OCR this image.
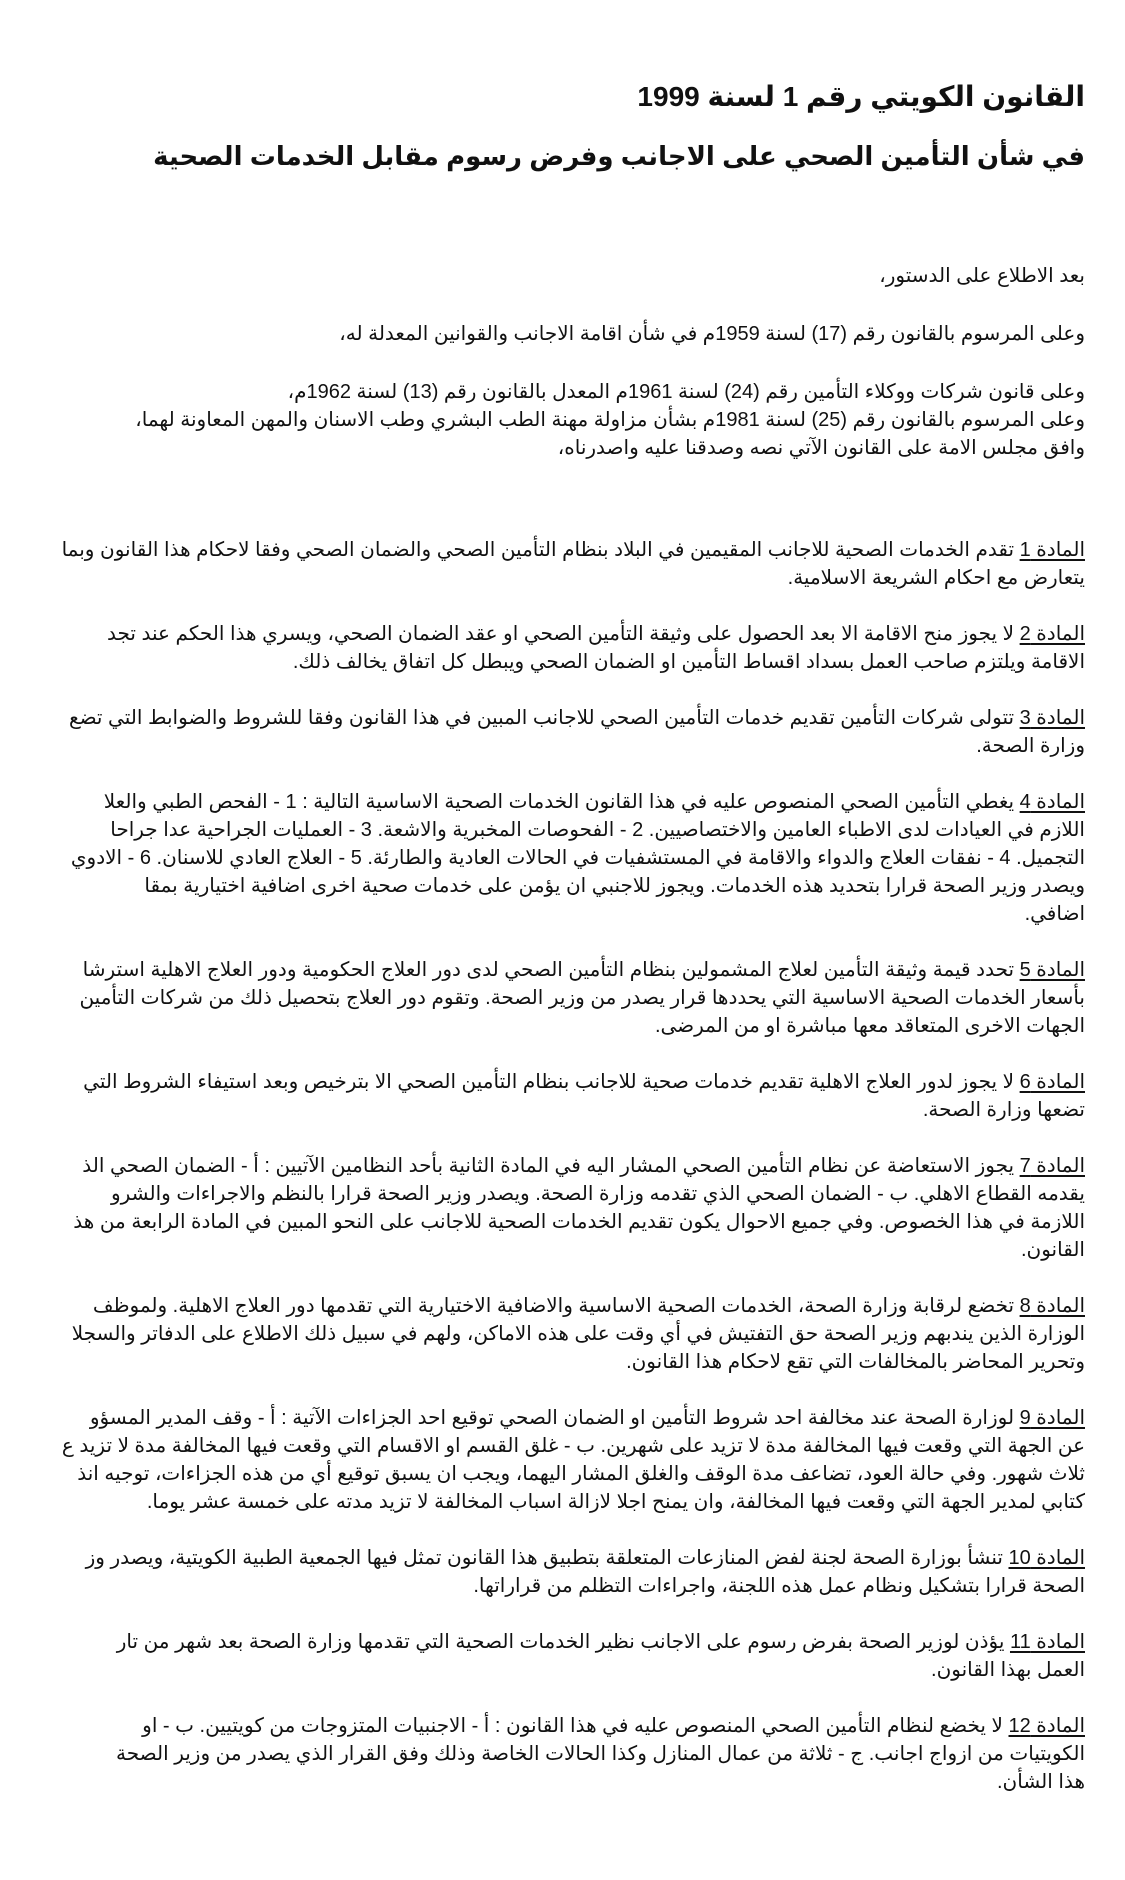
القانون الكويتي رقم 1 لسنة 1999
في شأن التأمين الصحي على الاجانب وفرض رسوم مقابل الخدمات الصحية

بعد الاطلاع على الدستور،

وعلى المرسوم بالقانون رقم (17) لسنة 1959م في شأن اقامة الاجانب والقوانين المعدلة له،

وعلى قانون شركات ووكلاء التأمين رقم (24) لسنة 1961م المعدل بالقانون رقم (13) لسنة 1962م،

وعلى المرسوم بالقانون رقم (25) لسنة 1981م بشأن مزاولة مهنة الطب البشري وطب الاسنان والمهن المعاونة لهما،

وافق مجلس الامة على القانون الآتي نصه وصدقنا عليه واصدرناه،

المادة 1 تقدم الخدمات الصحية للاجانب المقيمين في البلاد بنظام التأمين الصحي والضمان الصحي وفقا لاحكام هذا القانون وبما

يتعارض مع احكام الشريعة الاسلامية.

المادة 2 لا يجوز منح الاقامة الا بعد الحصول على وثيقة التأمين الصحي او عقد الضمان الصحي، ويسري هذا الحكم عند تجد

الاقامة ويلتزم صاحب العمل بسداد اقساط التأمين او الضمان الصحي ويبطل كل اتفاق يخالف ذلك.

المادة 3 تتولى شركات التأمين تقديم خدمات التأمين الصحي للاجانب المبين في هذا القانون وفقا للشروط والضوابط التي تضع

وزارة الصحة.

المادة 4 يغطي التأمين الصحي المنصوص عليه في هذا القانون الخدمات الصحية الاساسية التالية : 1 - الفحص الطبي والعلا

اللازم في العيادات لدى الاطباء العامين والاختصاصيين. 2 - الفحوصات المخبرية والاشعة. 3 - العمليات الجراحية عدا جراحا

التجميل. 4 - نفقات العلاج والدواء والاقامة في المستشفيات في الحالات العادية والطارئة. 5 - العلاج العادي للاسنان. 6 - الادوي

ويصدر وزير الصحة قرارا بتحديد هذه الخدمات. ويجوز للاجنبي ان يؤمن على خدمات صحية اخرى اضافية اختيارية بمقا

اضافي.

المادة 5 تحدد قيمة وثيقة التأمين لعلاج المشمولين بنظام التأمين الصحي لدى دور العلاج الحكومية ودور العلاج الاهلية استرشا

بأسعار الخدمات الصحية الاساسية التي يحددها قرار يصدر من وزير الصحة. وتقوم دور العلاج بتحصيل ذلك من شركات التأمين

الجهات الاخرى المتعاقد معها مباشرة او من المرضى.

المادة 6 لا يجوز لدور العلاج الاهلية تقديم خدمات صحية للاجانب بنظام التأمين الصحي الا بترخيص وبعد استيفاء الشروط التي

تضعها وزارة الصحة.

المادة 7 يجوز الاستعاضة عن نظام التأمين الصحي المشار اليه في المادة الثانية بأحد النظامين الآتيين : أ - الضمان الصحي الذ

يقدمه القطاع الاهلي. ب - الضمان الصحي الذي تقدمه وزارة الصحة. ويصدر وزير الصحة قرارا بالنظم والاجراءات والشرو

اللازمة في هذا الخصوص. وفي جميع الاحوال يكون تقديم الخدمات الصحية للاجانب على النحو المبين في المادة الرابعة من هذ

القانون.

المادة 8 تخضع لرقابة وزارة الصحة، الخدمات الصحية الاساسية والاضافية الاختيارية التي تقدمها دور العلاج الاهلية. ولموظف

الوزارة الذين يندبهم وزير الصحة حق التفتيش في أي وقت على هذه الاماكن، ولهم في سبيل ذلك الاطلاع على الدفاتر والسجلا

وتحرير المحاضر بالمخالفات التي تقع لاحكام هذا القانون.

المادة 9 لوزارة الصحة عند مخالفة احد شروط التأمين او الضمان الصحي توقيع احد الجزاءات الآتية : أ - وقف المدير المسؤو

عن الجهة التي وقعت فيها المخالفة مدة لا تزيد على شهرين. ب - غلق القسم او الاقسام التي وقعت فيها المخالفة مدة لا تزيد ع

ثلاث شهور. وفي حالة العود، تضاعف مدة الوقف والغلق المشار اليهما، ويجب ان يسبق توقيع أي من هذه الجزاءات، توجيه انذ

كتابي لمدير الجهة التي وقعت فيها المخالفة، وان يمنح اجلا لازالة اسباب المخالفة لا تزيد مدته على خمسة عشر يوما.

المادة 10 تنشأ بوزارة الصحة لجنة لفض المنازعات المتعلقة بتطبيق هذا القانون تمثل فيها الجمعية الطبية الكويتية، ويصدر وز

الصحة قرارا بتشكيل ونظام عمل هذه اللجنة، واجراءات التظلم من قراراتها.

المادة 11 يؤذن لوزير الصحة بفرض رسوم على الاجانب نظير الخدمات الصحية التي تقدمها وزارة الصحة بعد شهر من تار

العمل بهذا القانون.

المادة 12 لا يخضع لنظام التأمين الصحي المنصوص عليه في هذا القانون : أ - الاجنبيات المتزوجات من كويتيين. ب - او

الكويتيات من ازواج اجانب. ج - ثلاثة من عمال المنازل وكذا الحالات الخاصة وذلك وفق القرار الذي يصدر من وزير الصحة

هذا الشأن.
